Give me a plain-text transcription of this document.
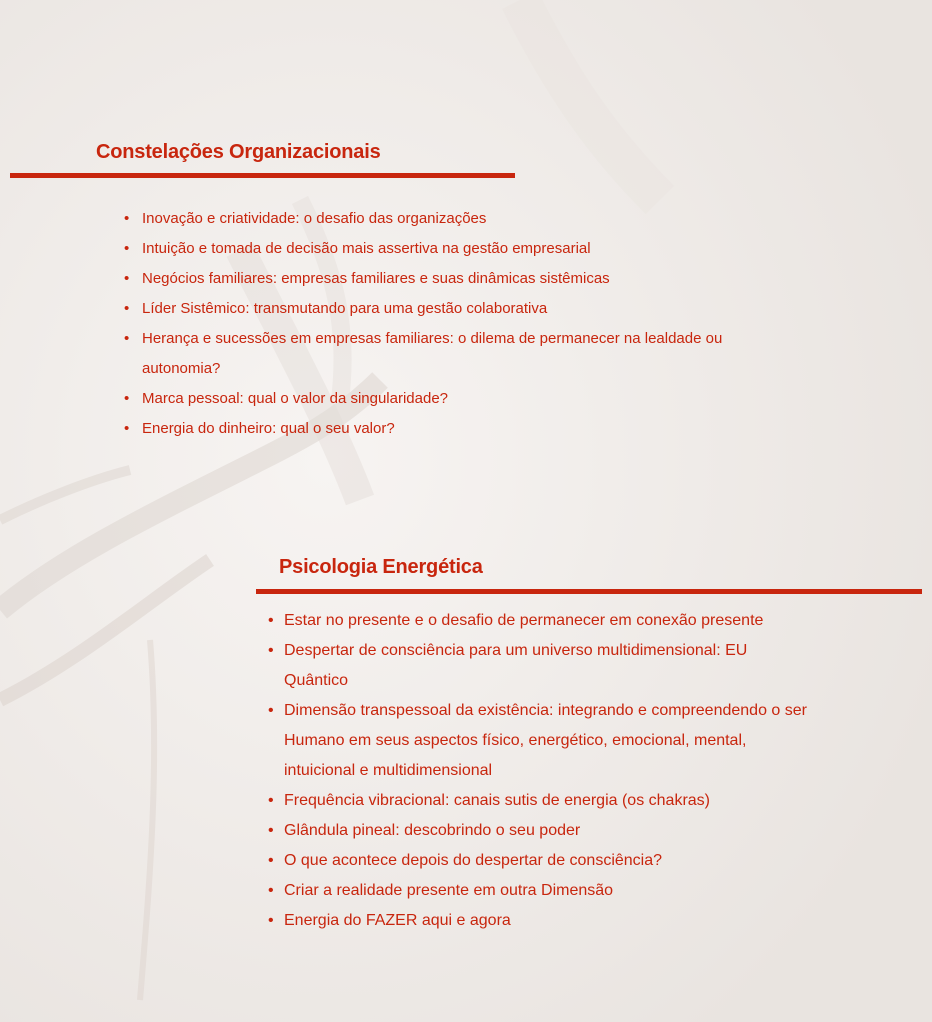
Constelações Organizacionais
• Inovação e criatividade: o desafio das organizações
• Intuição e tomada de decisão mais assertiva na gestão empresarial
• Negócios familiares: empresas familiares e suas dinâmicas sistêmicas
• Líder Sistêmico: transmutando para uma gestão colaborativa
• Herança e sucessões em empresas familiares: o dilema de permanecer na lealdade ou autonomia?
• Marca pessoal: qual o valor da singularidade?
• Energia do dinheiro: qual o seu valor?
Psicologia Energética
• Estar no presente e o desafio de permanecer em conexão presente
• Despertar de consciência para um universo multidimensional: EU Quântico
• Dimensão transpessoal da existência: integrando e compreendendo o ser Humano em seus aspectos físico, energético, emocional, mental, intuicional e multidimensional
• Frequência vibracional: canais sutis de energia (os chakras)
• Glândula pineal: descobrindo o seu poder
• O que acontece depois do despertar de consciência?
• Criar a realidade presente em outra Dimensão
• Energia do FAZER aqui e agora
